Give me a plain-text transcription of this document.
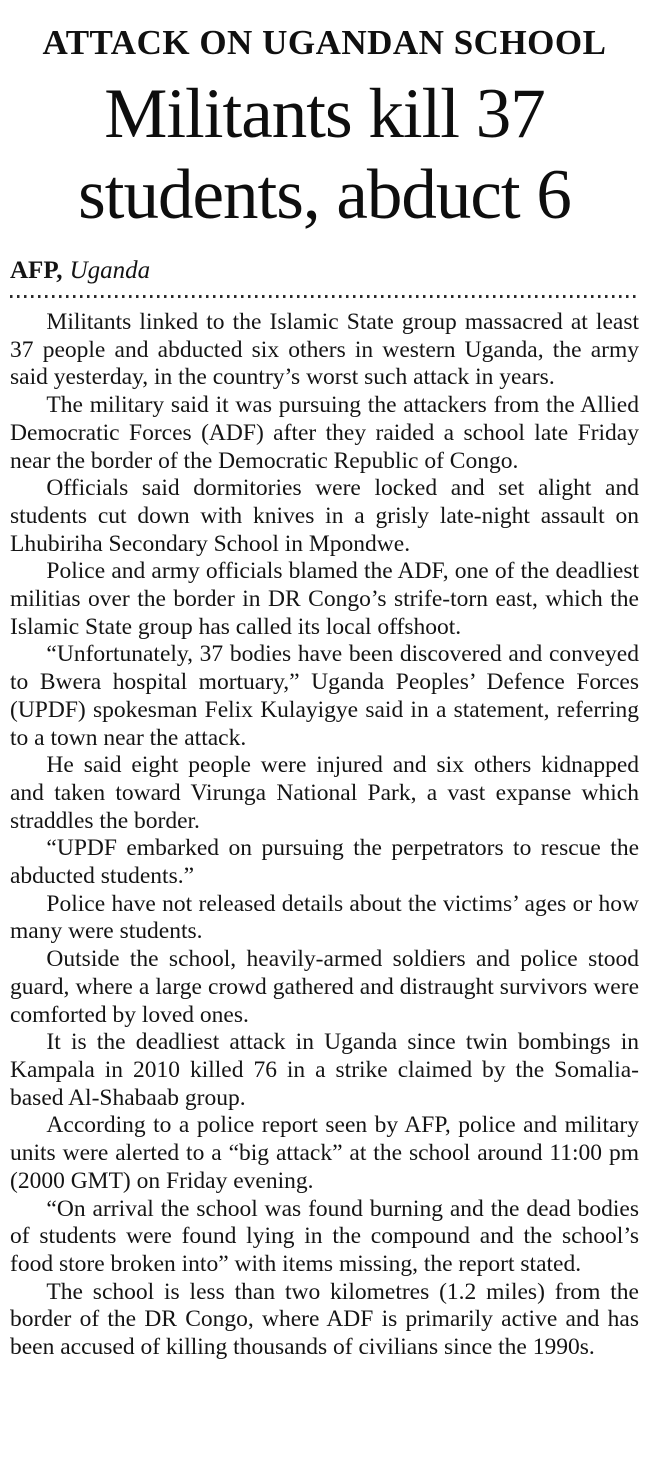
ATTACK ON UGANDAN SCHOOL
Militants kill 37
students, abduct 6
AFP, Uganda

Militants linked to the Islamic State group massacred at least 37 people and abducted six others in western Uganda, the army said yesterday, in the country’s worst such attack in years.

The military said it was pursuing the attackers from the Allied Democratic Forces (ADF) after they raided a school late Friday near the border of the Democratic Republic of Congo.

Officials said dormitories were locked and set alight and students cut down with knives in a grisly late-night assault on Lhubiriha Secondary School in Mpondwe.

Police and army officials blamed the ADF, one of the deadliest militias over the border in DR Congo’s strife-torn east, which the Islamic State group has called its local offshoot.

“Unfortunately, 37 bodies have been discovered and conveyed to Bwera hospital mortuary,” Uganda Peoples’ Defence Forces (UPDF) spokesman Felix Kulayigye said in a statement, referring to a town near the attack.

He said eight people were injured and six others kidnapped and taken toward Virunga National Park, a vast expanse which straddles the border.

“UPDF embarked on pursuing the perpetrators to rescue the abducted students.”

Police have not released details about the victims’ ages or how many were students.

Outside the school, heavily-armed soldiers and police stood guard, where a large crowd gathered and distraught survivors were comforted by loved ones.

It is the deadliest attack in Uganda since twin bombings in Kampala in 2010 killed 76 in a strike claimed by the Somalia-based Al-Shabaab group.

According to a police report seen by AFP, police and military units were alerted to a “big attack” at the school around 11:00 pm (2000 GMT) on Friday evening.

“On arrival the school was found burning and the dead bodies of students were found lying in the compound and the school’s food store broken into” with items missing, the report stated.

The school is less than two kilometres (1.2 miles) from the border of the DR Congo, where ADF is primarily active and has been accused of killing thousands of civilians since the 1990s.
